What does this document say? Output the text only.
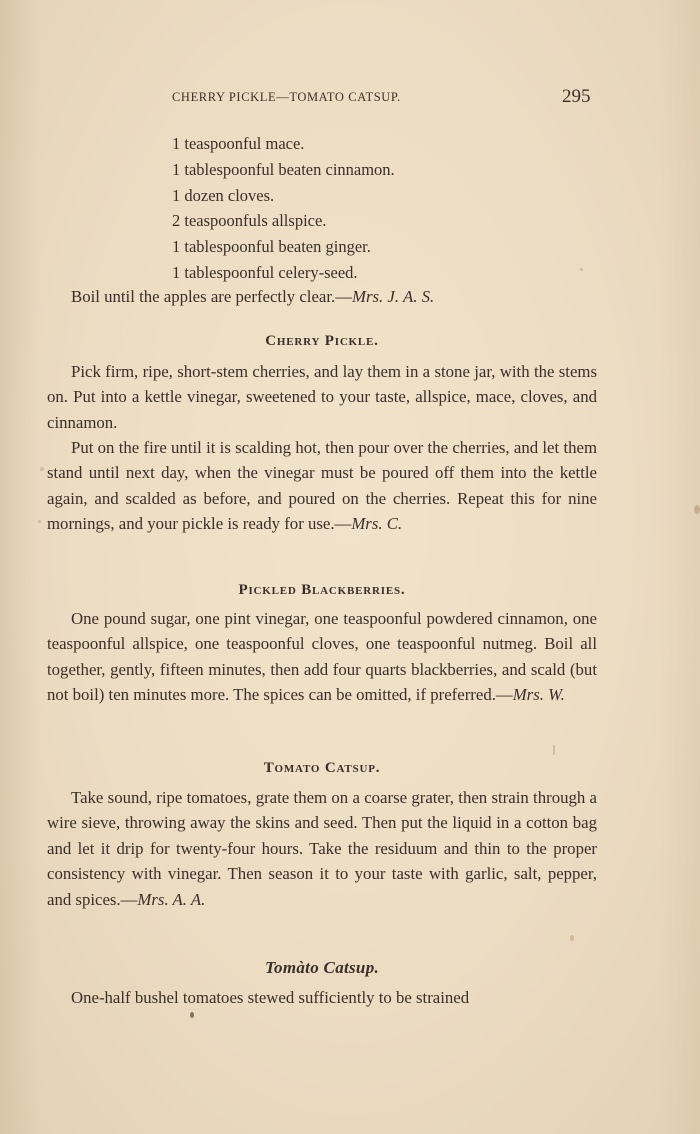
CHERRY PICKLE—TOMATO CATSUP.	295
1 teaspoonful mace.
1 tablespoonful beaten cinnamon.
1 dozen cloves.
2 teaspoonfuls allspice.
1 tablespoonful beaten ginger.
1 tablespoonful celery-seed.

Boil until the apples are perfectly clear.—Mrs. J. A. S.

Cherry Pickle.

Pick firm, ripe, short-stem cherries, and lay them in a stone jar, with the stems on. Put into a kettle vinegar, sweetened to your taste, allspice, mace, cloves, and cinnamon.

Put on the fire until it is scalding hot, then pour over the cherries, and let them stand until next day, when the vinegar must be poured off them into the kettle again, and scalded as before, and poured on the cherries. Repeat this for nine mornings, and your pickle is ready for use.—Mrs. C.

Pickled Blackberries.

One pound sugar, one pint vinegar, one teaspoonful powdered cinnamon, one teaspoonful allspice, one teaspoonful cloves, one teaspoonful nutmeg. Boil all together, gently, fifteen minutes, then add four quarts blackberries, and scald (but not boil) ten minutes more. The spices can be omitted, if preferred.—Mrs. W.

Tomato Catsup.

Take sound, ripe tomatoes, grate them on a coarse grater, then strain through a wire sieve, throwing away the skins and seed. Then put the liquid in a cotton bag and let it drip for twenty-four hours. Take the residuum and thin to the proper consistency with vinegar. Then season it to your taste with garlic, salt, pepper, and spices.—Mrs. A. A.

Tomàto Catsup.

One-half bushel tomatoes stewed sufficiently to be strained
